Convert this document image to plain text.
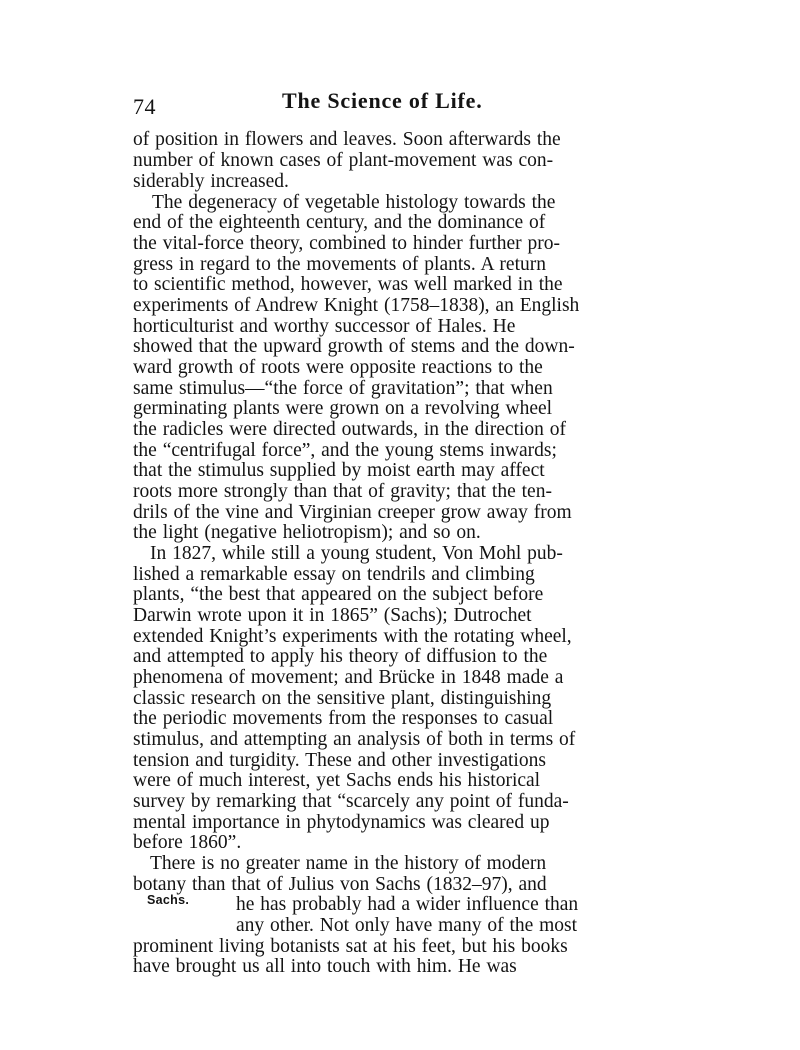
74	The Science of Life.
of position in flowers and leaves. Soon afterwards the
number of known cases of plant-movement was con-
siderably increased.
The degeneracy of vegetable histology towards the
end of the eighteenth century, and the dominance of
the vital-force theory, combined to hinder further pro-
gress in regard to the movements of plants. A return
to scientific method, however, was well marked in the
experiments of Andrew Knight (1758–1838), an English
horticulturist and worthy successor of Hales. He
showed that the upward growth of stems and the down-
ward growth of roots were opposite reactions to the
same stimulus—“the force of gravitation”; that when
germinating plants were grown on a revolving wheel
the radicles were directed outwards, in the direction of
the “centrifugal force”, and the young stems inwards;
that the stimulus supplied by moist earth may affect
roots more strongly than that of gravity; that the ten-
drils of the vine and Virginian creeper grow away from
the light (negative heliotropism); and so on.
In 1827, while still a young student, Von Mohl pub-
lished a remarkable essay on tendrils and climbing
plants, “the best that appeared on the subject before
Darwin wrote upon it in 1865” (Sachs); Dutrochet
extended Knight’s experiments with the rotating wheel,
and attempted to apply his theory of diffusion to the
phenomena of movement; and Brücke in 1848 made a
classic research on the sensitive plant, distinguishing
the periodic movements from the responses to casual
stimulus, and attempting an analysis of both in terms of
tension and turgidity. These and other investigations
were of much interest, yet Sachs ends his historical
survey by remarking that “scarcely any point of funda-
mental importance in phytodynamics was cleared up
before 1860”.
There is no greater name in the history of modern
botany than that of Julius von Sachs (1832–97), and
he has probably had a wider influence than
any other. Not only have many of the most
prominent living botanists sat at his feet, but his books
have brought us all into touch with him. He was
Sachs.
